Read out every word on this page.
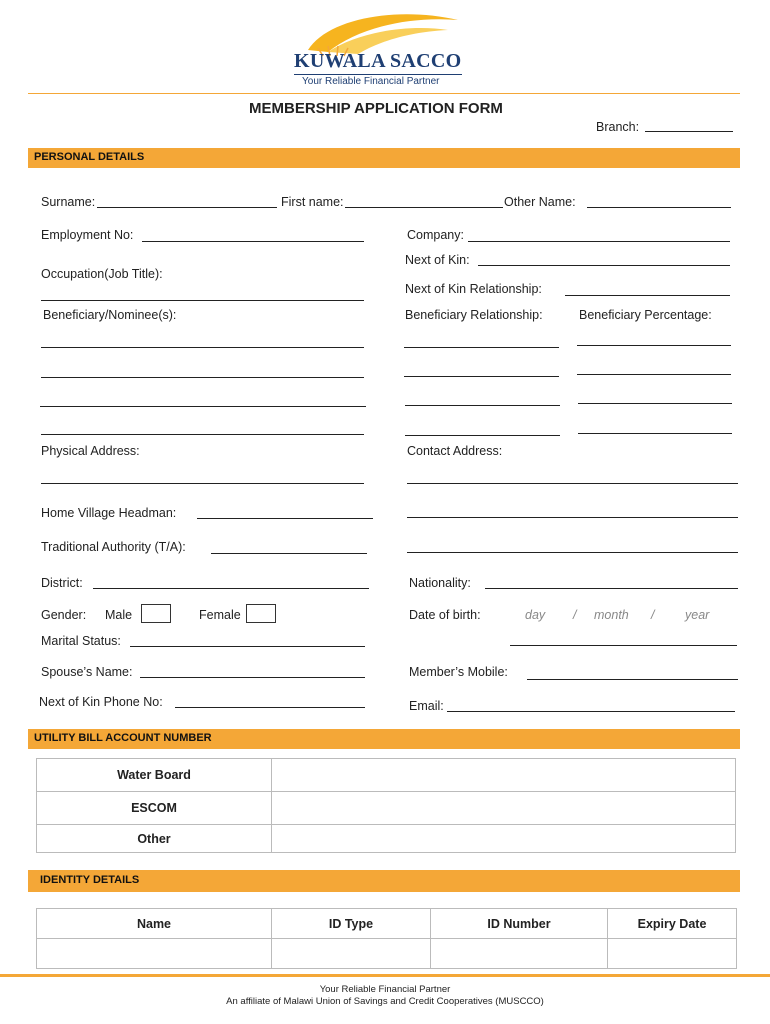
KUWALA SACCO
Your Reliable Financial Partner
MEMBERSHIP APPLICATION FORM
Branch:
PERSONAL DETAILS
Surname:	First name:	Other Name:
Employment No:	Company:
Next of Kin:
Occupation(Job Title):
Next of Kin Relationship:
Beneficiary/Nominee(s):	Beneficiary Relationship:	Beneficiary Percentage:
Physical Address:	Contact Address:
Home Village Headman:
Traditional Authority (T/A):
District:	Nationality:
Gender: Male	Female	Date of birth:	day / month / year
Marital Status:
Spouse’s Name:	Member’s Mobile:
Next of Kin Phone No:	Email:
UTILITY BILL ACCOUNT NUMBER
Water Board	
ESCOM	
Other	
IDENTITY DETAILS
Name	ID Type	ID Number	Expiry Date

Your Reliable Financial Partner
An affiliate of Malawi Union of Savings and Credit Cooperatives (MUSCCO)
